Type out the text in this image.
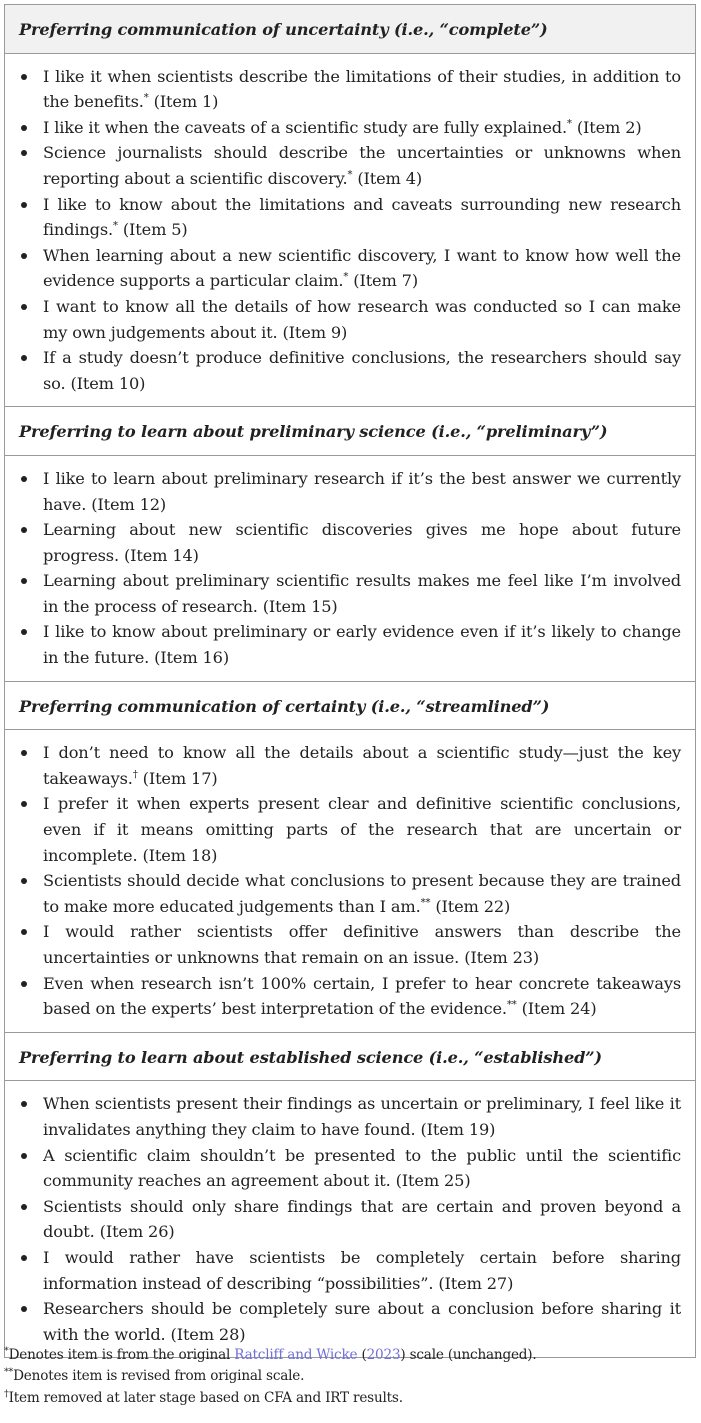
Preferring communication of uncertainty (i.e., “complete”)
I like it when scientists describe the limitations of their studies, in addition to the benefits.* (Item 1)
I like it when the caveats of a scientific study are fully explained.* (Item 2)
Science journalists should describe the uncertainties or unknowns when reporting about a scientific discovery.* (Item 4)
I like to know about the limitations and caveats surrounding new research findings.* (Item 5)
When learning about a new scientific discovery, I want to know how well the evidence supports a particular claim.* (Item 7)
I want to know all the details of how research was conducted so I can make my own judgements about it. (Item 9)
If a study doesn’t produce definitive conclusions, the researchers should say so. (Item 10)
Preferring to learn about preliminary science (i.e., “preliminary”)
I like to learn about preliminary research if it’s the best answer we currently have. (Item 12)
Learning about new scientific discoveries gives me hope about future progress. (Item 14)
Learning about preliminary scientific results makes me feel like I’m involved in the process of research. (Item 15)
I like to know about preliminary or early evidence even if it’s likely to change in the future. (Item 16)
Preferring communication of certainty (i.e., “streamlined”)
I don’t need to know all the details about a scientific study—just the key takeaways.† (Item 17)
I prefer it when experts present clear and definitive scientific conclusions, even if it means omitting parts of the research that are uncertain or incomplete. (Item 18)
Scientists should decide what conclusions to present because they are trained to make more educated judgements than I am.** (Item 22)
I would rather scientists offer definitive answers than describe the uncertainties or unknowns that remain on an issue. (Item 23)
Even when research isn’t 100% certain, I prefer to hear concrete takeaways based on the experts’ best interpretation of the evidence.** (Item 24)
Preferring to learn about established science (i.e., “established”)
When scientists present their findings as uncertain or preliminary, I feel like it invalidates anything they claim to have found. (Item 19)
A scientific claim shouldn’t be presented to the public until the scientific community reaches an agreement about it. (Item 25)
Scientists should only share findings that are certain and proven beyond a doubt. (Item 26)
I would rather have scientists be completely certain before sharing information instead of describing “possibilities”. (Item 27)
Researchers should be completely sure about a conclusion before sharing it with the world. (Item 28)
*Denotes item is from the original Ratcliff and Wicke (2023) scale (unchanged).
**Denotes item is revised from original scale.
†Item removed at later stage based on CFA and IRT results.
